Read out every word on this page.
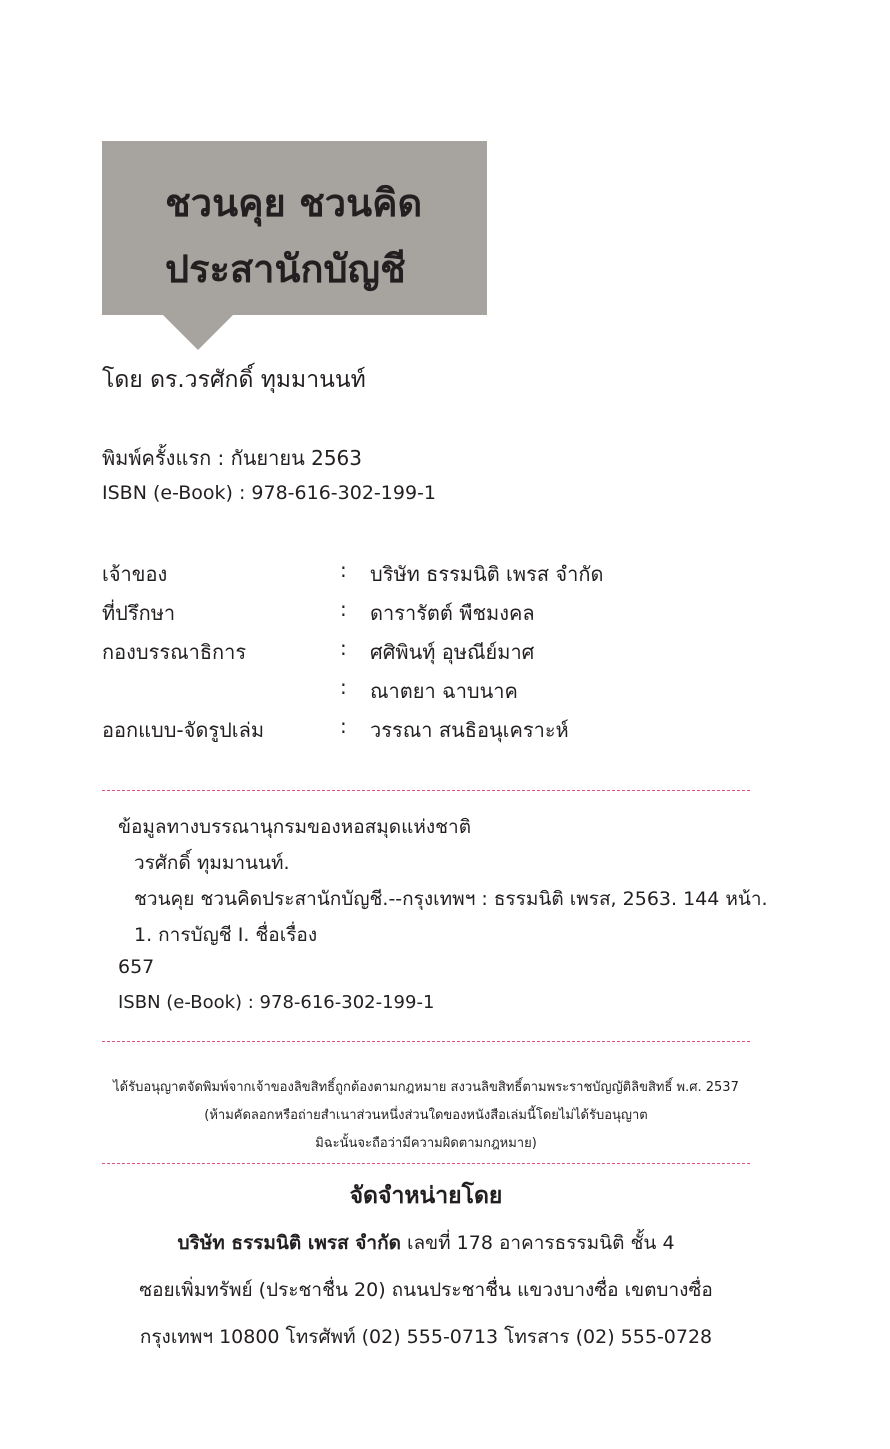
ชวนคุย ชวนคิด
ประสานักบัญชี
โดย ดร.วรศักดิ์ ทุมมานนท์
พิมพ์ครั้งแรก : กันยายน 2563
ISBN (e-Book) : 978-616-302-199-1
เจ้าของ	: บริษัท ธรรมนิติ เพรส จำกัด
ที่ปรึกษา	: ดารารัตต์ พืชมงคล
กองบรรณาธิการ	: ศศิพินทุ์ อุษณีย์มาศ
: ณาตยา ฉาบนาค
ออกแบบ-จัดรูปเล่ม	: วรรณา สนธิอนุเคราะห์
ข้อมูลทางบรรณานุกรมของหอสมุดแห่งชาติ
วรศักดิ์ ทุมมานนท์.
ชวนคุย ชวนคิดประสานักบัญชี.--กรุงเทพฯ : ธรรมนิติ เพรส, 2563. 144 หน้า.
1. การบัญชี I. ชื่อเรื่อง
657
ISBN (e-Book) : 978-616-302-199-1
ได้รับอนุญาตจัดพิมพ์จากเจ้าของลิขสิทธิ์ถูกต้องตามกฎหมาย สงวนลิขสิทธิ์ตามพระราชบัญญัติลิขสิทธิ์ พ.ศ. 2537
(ห้ามคัดลอกหรือถ่ายสำเนาส่วนหนึ่งส่วนใดของหนังสือเล่มนี้โดยไม่ได้รับอนุญาต
มิฉะนั้นจะถือว่ามีความผิดตามกฎหมาย)
จัดจำหน่ายโดย
บริษัท ธรรมนิติ เพรส จำกัด เลขที่ 178 อาคารธรรมนิติ ชั้น 4
ซอยเพิ่มทรัพย์ (ประชาชื่น 20) ถนนประชาชื่น แขวงบางซื่อ เขตบางซื่อ
กรุงเทพฯ 10800 โทรศัพท์ (02) 555-0713 โทรสาร (02) 555-0728
